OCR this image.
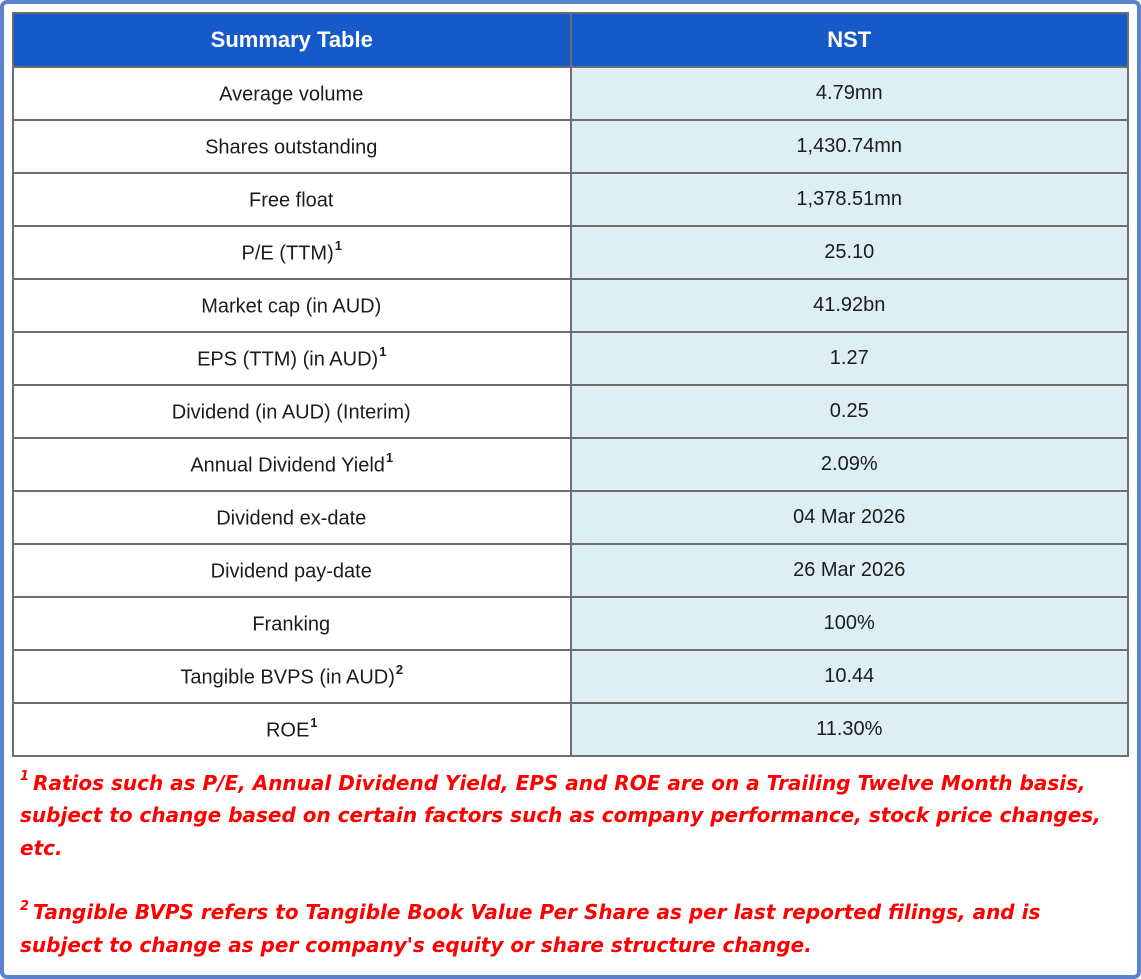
Summary Table	NST
Average volume	4.79mn
Shares outstanding	1,430.74mn
Free float	1,378.51mn
P/E (TTM)$^1$	25.10
Market cap (in AUD)	41.92bn
EPS (TTM) (in AUD)$^1$	1.27
Dividend (in AUD) (Interim)	0.25
Annual Dividend Yield$^1$	2.09%
Dividend ex-date	04 Mar 2026
Dividend pay-date	26 Mar 2026
Franking	100%
Tangible BVPS (in AUD)$^2$	10.44
ROE$^1$	11.30%

$^1$ Ratios such as P/E, Annual Dividend Yield, EPS and ROE are on a Trailing Twelve Month basis, subject to change based on certain factors such as company performance, stock price changes, etc.

$^2$ Tangible BVPS refers to Tangible Book Value Per Share as per last reported filings, and is subject to change as per company's equity or share structure change.
